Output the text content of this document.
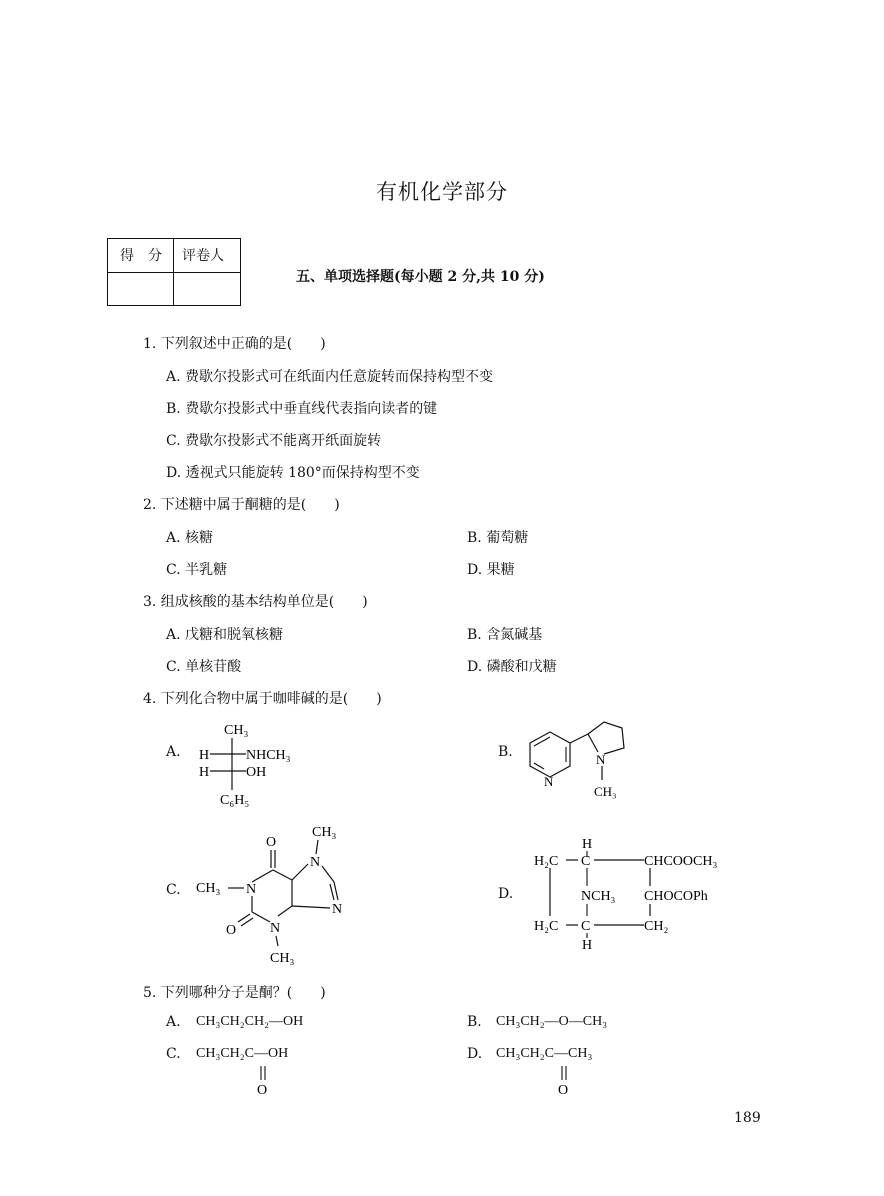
有机化学部分
得　分 评卷人
五、单项选择题(每小题 2 分,共 10 分)
1. 下列叙述中正确的是(　　)
A. 费歇尔投影式可在纸面内任意旋转而保持构型不变
B. 费歇尔投影式中垂直线代表指向读者的键
C. 费歇尔投影式不能离开纸面旋转
D. 透视式只能旋转 180°而保持构型不变
2. 下述糖中属于酮糖的是(　　)
A. 核糖	B. 葡萄糖
C. 半乳糖	D. 果糖
3. 组成核酸的基本结构单位是(　　)
A. 戊糖和脱氧核糖	B. 含氮碱基
C. 单核苷酸	D. 磷酸和戊糖
4. 下列化合物中属于咖啡碱的是(　　)
A.
CH₃
H	NHCH₃
H	OH
C₆H₅
B.
N
N
CH₃
C.
CH₃
O
N
N
CH₃ N
N
O
CH₃
D.
H
H₂C C	CHCOOCH₃
NCH₃ CHOCOPh
H₂C C	CH₂
H
5. 下列哪种分子是酮？(　　)
A. CH₃CH₂CH₂—OH	B. CH₃CH₂—O—CH₃
C. CH₃CH₂C—OH
O
D. CH₃CH₂C—CH₃
O
189
